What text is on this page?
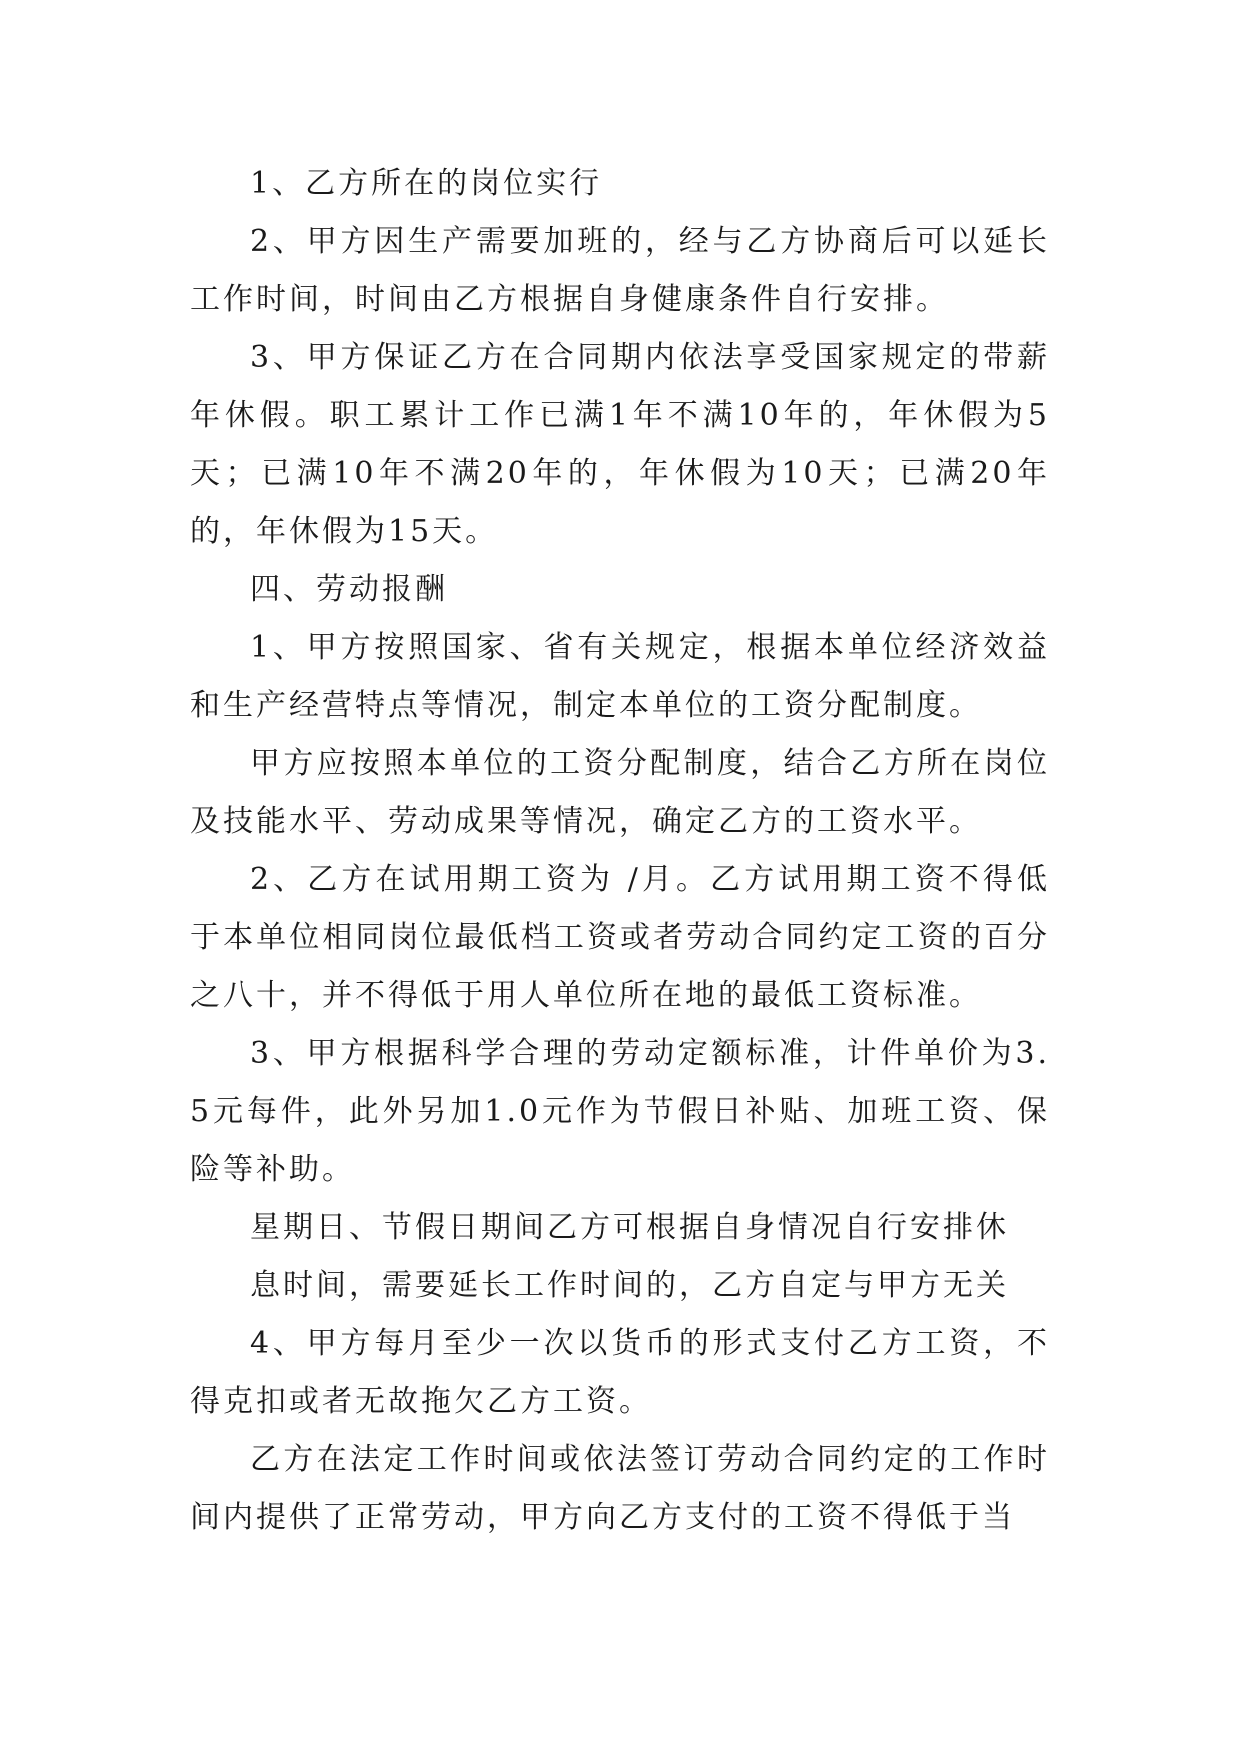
1、乙方所在的岗位实行

2、甲方因生产需要加班的，经与乙方协商后可以延长工作时间，时间由乙方根据自身健康条件自行安排。

3、甲方保证乙方在合同期内依法享受国家规定的带薪年休假。职工累计工作已满1年不满10年的，年休假为5天；已满10年不满20年的，年休假为10天；已满20年的，年休假为15天。

四、劳动报酬

1、甲方按照国家、省有关规定，根据本单位经济效益和生产经营特点等情况，制定本单位的工资分配制度。

甲方应按照本单位的工资分配制度，结合乙方所在岗位及技能水平、劳动成果等情况，确定乙方的工资水平。

2、乙方在试用期工资为 /月。乙方试用期工资不得低于本单位相同岗位最低档工资或者劳动合同约定工资的百分之八十，并不得低于用人单位所在地的最低工资标准。

3、甲方根据科学合理的劳动定额标准，计件单价为3.5元每件，此外另加1.0元作为节假日补贴、加班工资、保险等补助。

星期日、节假日期间乙方可根据自身情况自行安排休

息时间，需要延长工作时间的，乙方自定与甲方无关

4、甲方每月至少一次以货币的形式支付乙方工资，不得克扣或者无故拖欠乙方工资。

乙方在法定工作时间或依法签订劳动合同约定的工作时间内提供了正常劳动，甲方向乙方支付的工资不得低于当
